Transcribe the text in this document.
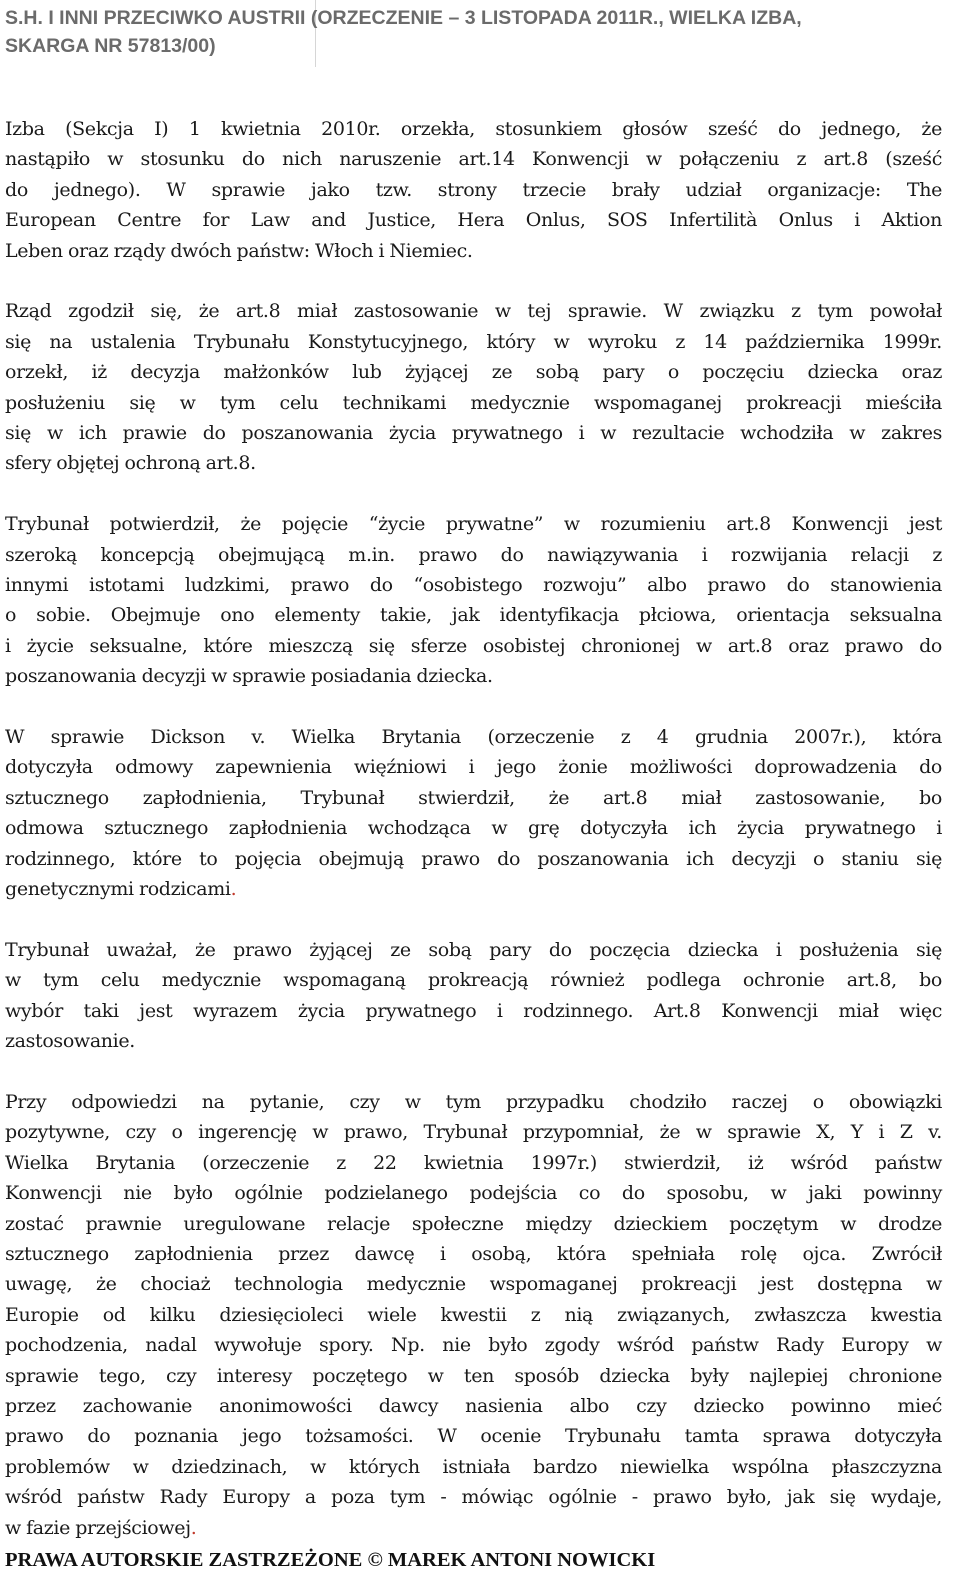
S.H. I INNI PRZECIWKO AUSTRII (ORZECZENIE – 3 LISTOPADA 2011R., WIELKA IZBA,
SKARGA NR 57813/00)

Izba (Sekcja I) 1 kwietnia 2010r. orzekła, stosunkiem głosów sześć do jednego, że
nastąpiło w stosunku do nich naruszenie art.14 Konwencji w połączeniu z art.8 (sześć
do jednego). W sprawie jako tzw. strony trzecie brały udział organizacje: The
European Centre for Law and Justice, Hera Onlus, SOS Infertilità Onlus i Aktion
Leben oraz rządy dwóch państw: Włoch i Niemiec.

Rząd zgodził się, że art.8 miał zastosowanie w tej sprawie. W związku z tym powołał
się na ustalenia Trybunału Konstytucyjnego, który w wyroku z 14 października 1999r.
orzekł, iż decyzja małżonków lub żyjącej ze sobą pary o poczęciu dziecka oraz
posłużeniu się w tym celu technikami medycznie wspomaganej prokreacji mieściła
się w ich prawie do poszanowania życia prywatnego i w rezultacie wchodziła w zakres
sfery objętej ochroną art.8.

Trybunał potwierdził, że pojęcie “życie prywatne” w rozumieniu art.8 Konwencji jest
szeroką koncepcją obejmującą m.in. prawo do nawiązywania i rozwijania relacji z
innymi istotami ludzkimi, prawo do “osobistego rozwoju” albo prawo do stanowienia
o sobie. Obejmuje ono elementy takie, jak identyfikacja płciowa, orientacja seksualna
i życie seksualne, które mieszczą się sferze osobistej chronionej w art.8 oraz prawo do
poszanowania decyzji w sprawie posiadania dziecka.

W sprawie Dickson v. Wielka Brytania (orzeczenie z 4 grudnia 2007r.), która
dotyczyła odmowy zapewnienia więźniowi i jego żonie możliwości doprowadzenia do
sztucznego zapłodnienia, Trybunał stwierdził, że art.8 miał zastosowanie, bo
odmowa sztucznego zapłodnienia wchodząca w grę dotyczyła ich życia prywatnego i
rodzinnego, które to pojęcia obejmują prawo do poszanowania ich decyzji o staniu się
genetycznymi rodzicami.

Trybunał uważał, że prawo żyjącej ze sobą pary do poczęcia dziecka i posłużenia się
w tym celu medycznie wspomaganą prokreacją również podlega ochronie art.8, bo
wybór taki jest wyrazem życia prywatnego i rodzinnego. Art.8 Konwencji miał więc
zastosowanie.

Przy odpowiedzi na pytanie, czy w tym przypadku chodziło raczej o obowiązki
pozytywne, czy o ingerencję w prawo, Trybunał przypomniał, że w sprawie X, Y i Z v.
Wielka Brytania (orzeczenie z 22 kwietnia 1997r.) stwierdził, iż wśród państw
Konwencji nie było ogólnie podzielanego podejścia co do sposobu, w jaki powinny
zostać prawnie uregulowane relacje społeczne między dzieckiem poczętym w drodze
sztucznego zapłodnienia przez dawcę i osobą, która spełniała rolę ojca. Zwrócił
uwagę, że chociaż technologia medycznie wspomaganej prokreacji jest dostępna w
Europie od kilku dziesięcioleci wiele kwestii z nią związanych, zwłaszcza kwestia
pochodzenia, nadal wywołuje spory. Np. nie było zgody wśród państw Rady Europy w
sprawie tego, czy interesy poczętego w ten sposób dziecka były najlepiej chronione
przez zachowanie anonimowości dawcy nasienia albo czy dziecko powinno mieć
prawo do poznania jego tożsamości. W ocenie Trybunału tamta sprawa dotyczyła
problemów w dziedzinach, w których istniała bardzo niewielka wspólna płaszczyzna
wśród państw Rady Europy a poza tym - mówiąc ogólnie - prawo było, jak się wydaje,
w fazie przejściowej.

PRAWA AUTORSKIE ZASTRZEŻONE © MAREK ANTONI NOWICKI
